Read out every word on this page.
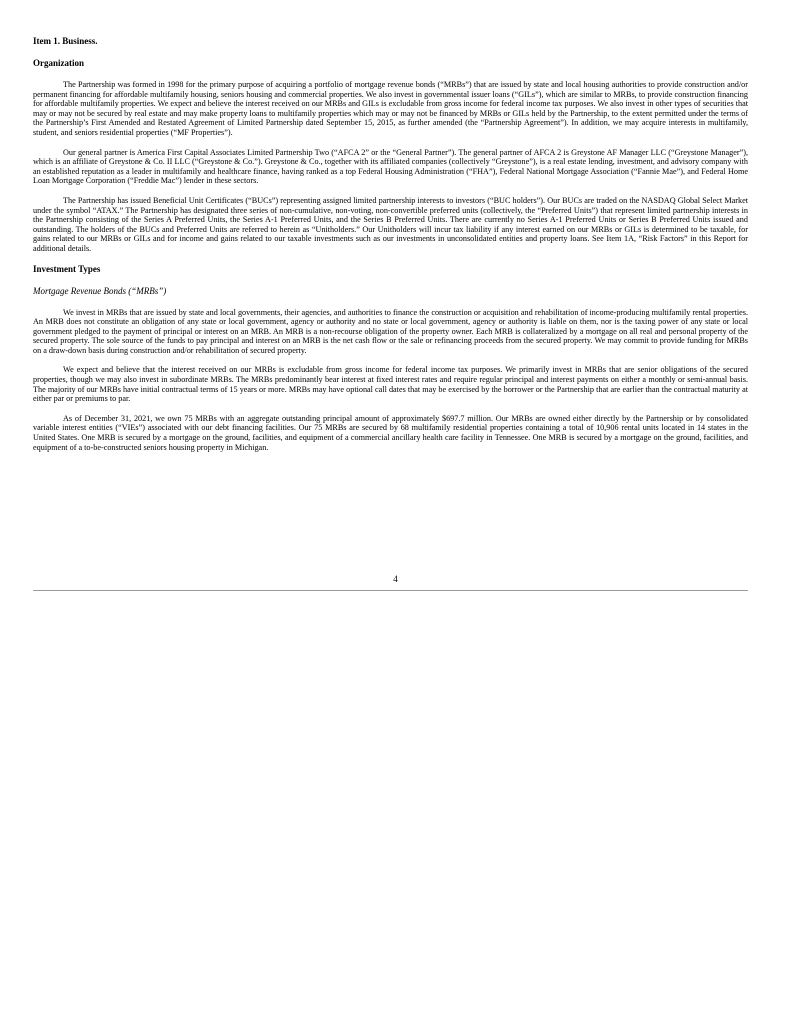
Item 1. Business.
Organization

The Partnership was formed in 1998 for the primary purpose of acquiring a portfolio of mortgage revenue bonds (“MRBs”) that are issued by state and local housing authorities to provide construction and/or permanent financing for affordable multifamily housing, seniors housing and commercial properties. We also invest in governmental issuer loans (“GILs”), which are similar to MRBs, to provide construction financing for affordable multifamily properties. We expect and believe the interest received on our MRBs and GILs is excludable from gross income for federal income tax purposes. We also invest in other types of securities that may or may not be secured by real estate and may make property loans to multifamily properties which may or may not be financed by MRBs or GILs held by the Partnership, to the extent permitted under the terms of the Partnership’s First Amended and Restated Agreement of Limited Partnership dated September 15, 2015, as further amended (the “Partnership Agreement”). In addition, we may acquire interests in multifamily, student, and seniors residential properties (“MF Properties”).

Our general partner is America First Capital Associates Limited Partnership Two (“AFCA 2” or the “General Partner”). The general partner of AFCA 2 is Greystone AF Manager LLC (“Greystone Manager”), which is an affiliate of Greystone & Co. II LLC (“Greystone & Co.”). Greystone & Co., together with its affiliated companies (collectively “Greystone”), is a real estate lending, investment, and advisory company with an established reputation as a leader in multifamily and healthcare finance, having ranked as a top Federal Housing Administration (“FHA”), Federal National Mortgage Association (“Fannie Mae”), and Federal Home Loan Mortgage Corporation (“Freddie Mac”) lender in these sectors.

The Partnership has issued Beneficial Unit Certificates (“BUCs”) representing assigned limited partnership interests to investors (“BUC holders”). Our BUCs are traded on the NASDAQ Global Select Market under the symbol “ATAX.” The Partnership has designated three series of non-cumulative, non-voting, non-convertible preferred units (collectively, the “Preferred Units”) that represent limited partnership interests in the Partnership consisting of the Series A Preferred Units, the Series A-1 Preferred Units, and the Series B Preferred Units. There are currently no Series A-1 Preferred Units or Series B Preferred Units issued and outstanding. The holders of the BUCs and Preferred Units are referred to herein as “Unitholders.” Our Unitholders will incur tax liability if any interest earned on our MRBs or GILs is determined to be taxable, for gains related to our MRBs or GILs and for income and gains related to our taxable investments such as our investments in unconsolidated entities and property loans. See Item 1A, “Risk Factors” in this Report for additional details.

Investment Types
Mortgage Revenue Bonds (“MRBs”)

We invest in MRBs that are issued by state and local governments, their agencies, and authorities to finance the construction or acquisition and rehabilitation of income-producing multifamily rental properties. An MRB does not constitute an obligation of any state or local government, agency or authority and no state or local government, agency or authority is liable on them, nor is the taxing power of any state or local government pledged to the payment of principal or interest on an MRB. An MRB is a non-recourse obligation of the property owner. Each MRB is collateralized by a mortgage on all real and personal property of the secured property. The sole source of the funds to pay principal and interest on an MRB is the net cash flow or the sale or refinancing proceeds from the secured property. We may commit to provide funding for MRBs on a draw-down basis during construction and/or rehabilitation of secured property.

We expect and believe that the interest received on our MRBs is excludable from gross income for federal income tax purposes. We primarily invest in MRBs that are senior obligations of the secured properties, though we may also invest in subordinate MRBs. The MRBs predominantly bear interest at fixed interest rates and require regular principal and interest payments on either a monthly or semi-annual basis. The majority of our MRBs have initial contractual terms of 15 years or more. MRBs may have optional call dates that may be exercised by the borrower or the Partnership that are earlier than the contractual maturity at either par or premiums to par.

As of December 31, 2021, we own 75 MRBs with an aggregate outstanding principal amount of approximately $697.7 million. Our MRBs are owned either directly by the Partnership or by consolidated variable interest entities (“VIEs”) associated with our debt financing facilities. Our 75 MRBs are secured by 68 multifamily residential properties containing a total of 10,906 rental units located in 14 states in the United States. One MRB is secured by a mortgage on the ground, facilities, and equipment of a commercial ancillary health care facility in Tennessee. One MRB is secured by a mortgage on the ground, facilities, and equipment of a to-be-constructed seniors housing property in Michigan.

4
